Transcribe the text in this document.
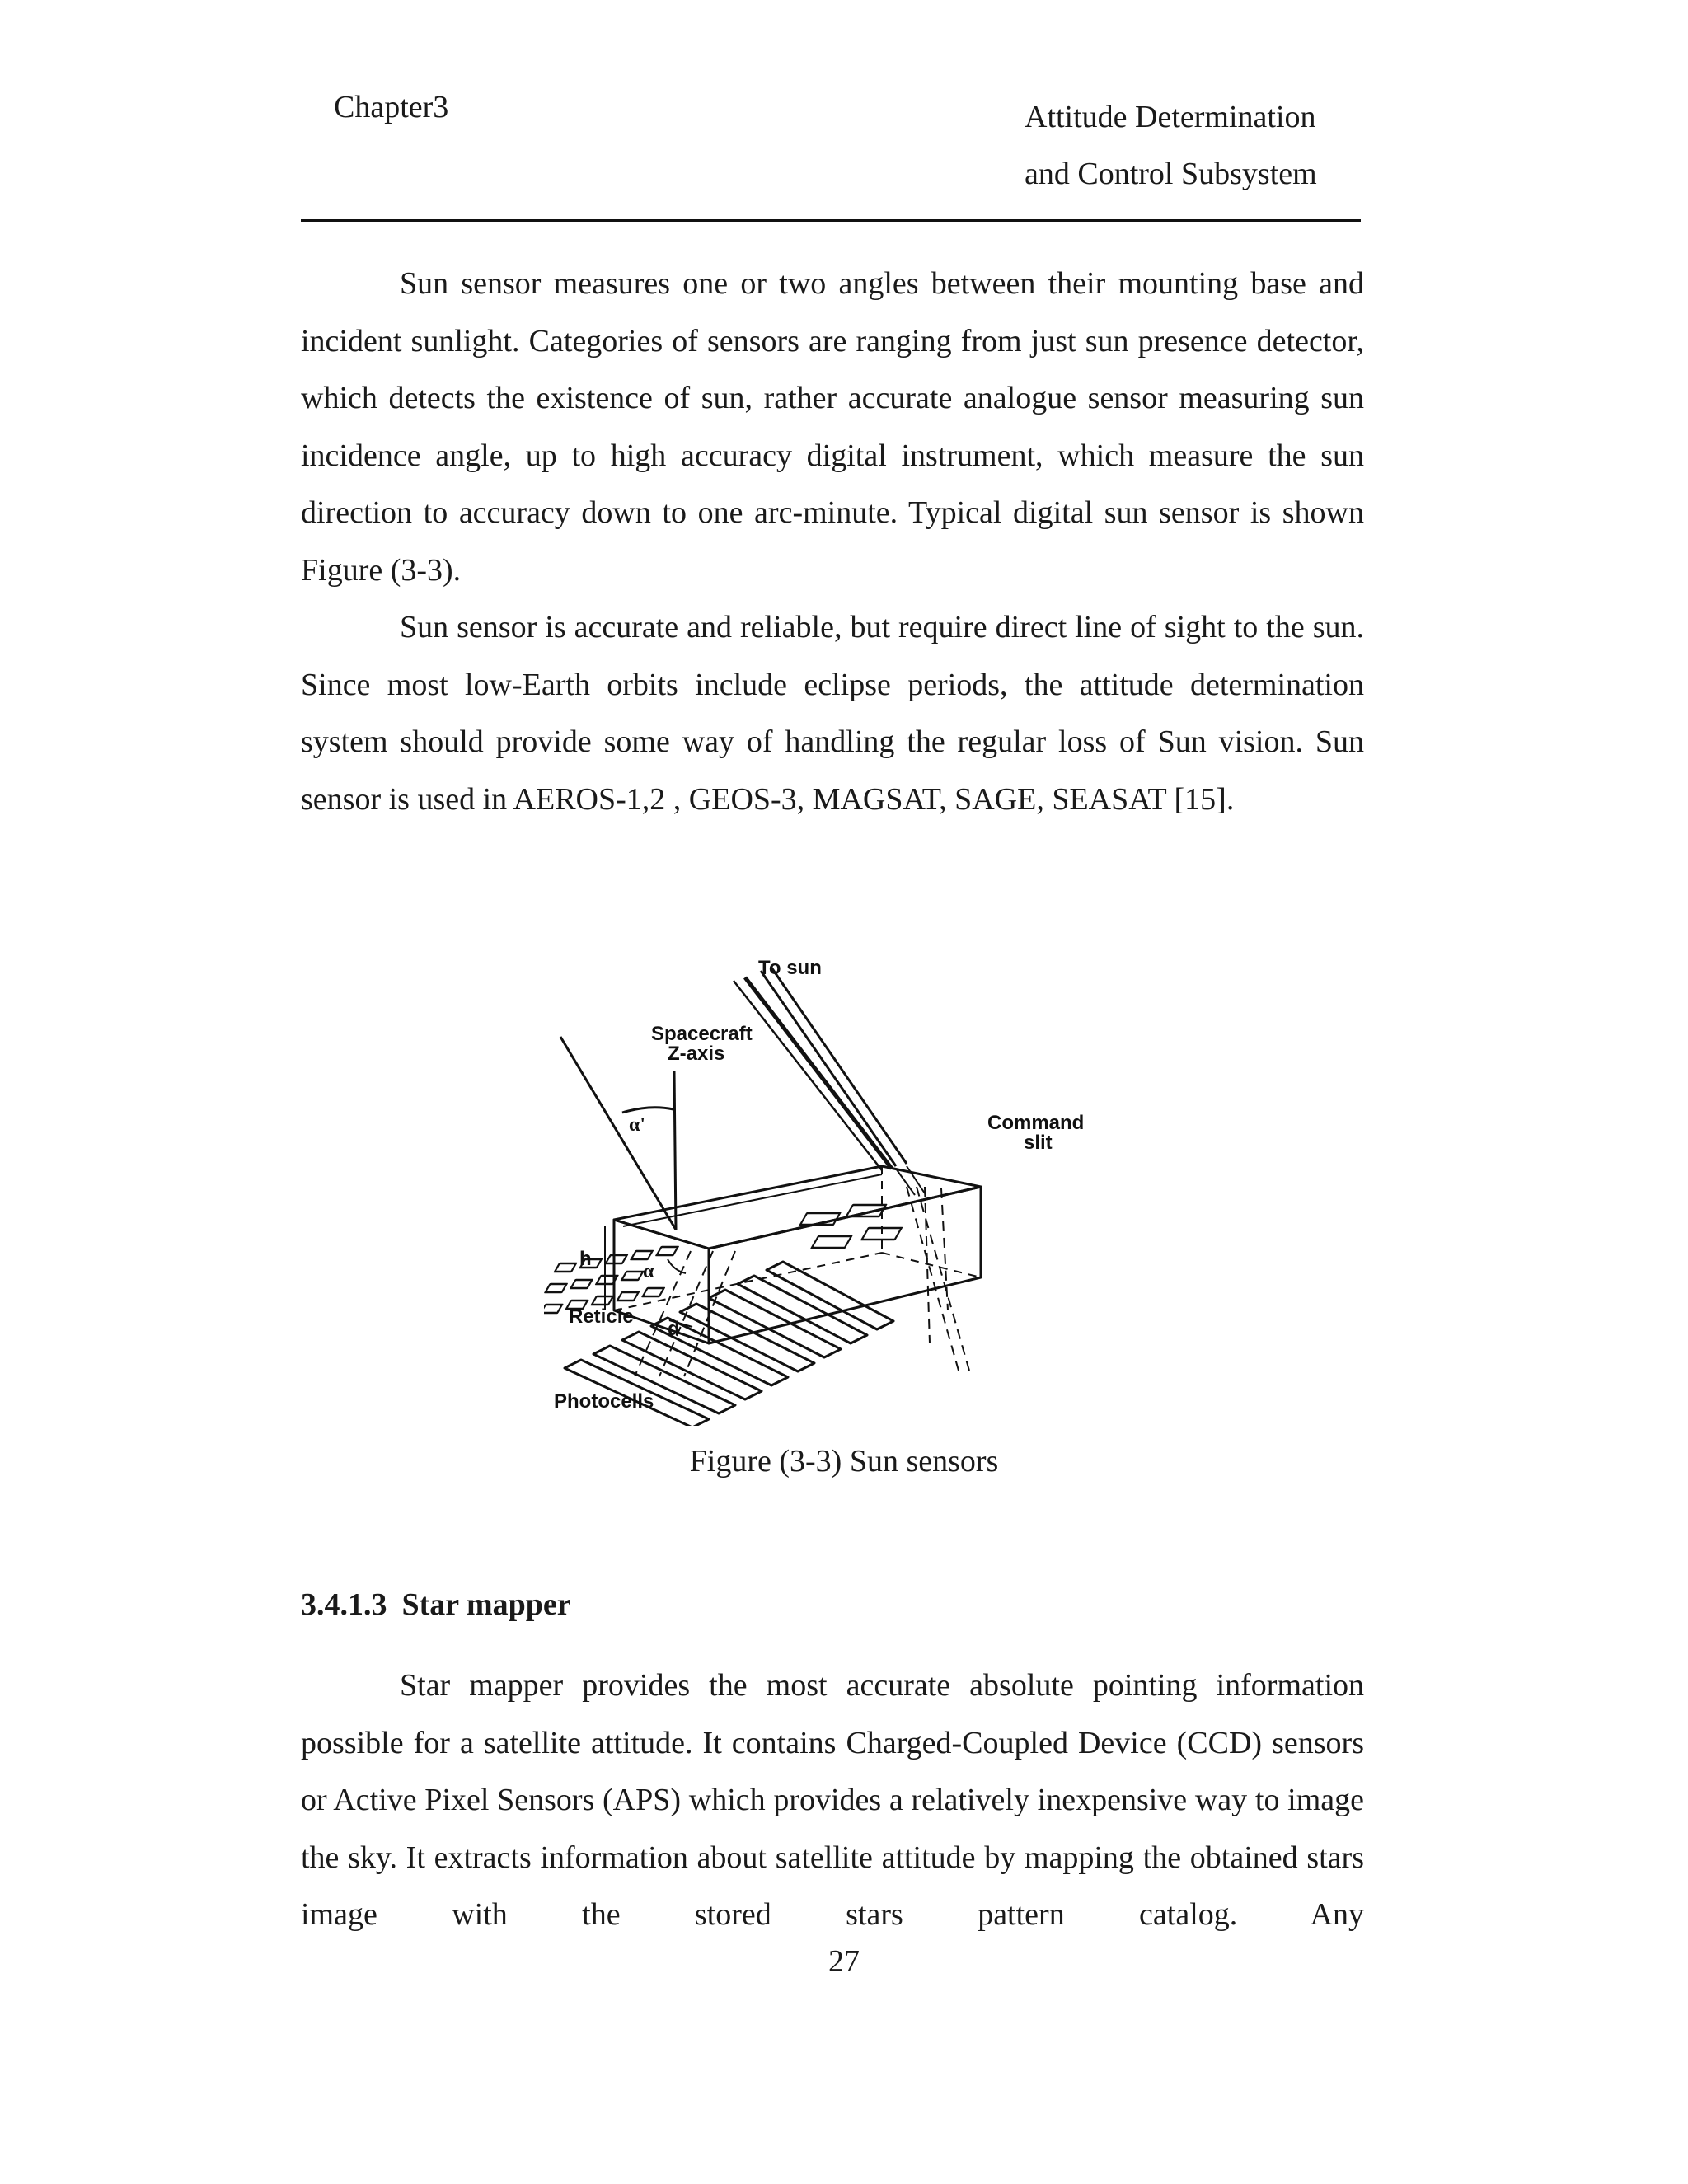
Chapter3	Attitude Determination
and Control Subsystem
Sun sensor measures one or two angles between their mounting base and incident sunlight. Categories of sensors are ranging from just sun presence detector, which detects the existence of sun, rather accurate analogue sensor measuring sun incidence angle, up to high accuracy digital instrument, which measure the sun direction to accuracy down to one arc-minute. Typical digital sun sensor is shown Figure (3-3).
Sun sensor is accurate and reliable, but require direct line of sight to the sun. Since most low-Earth orbits include eclipse periods, the attitude determination system should provide some way of handling the regular loss of Sun vision. Sun sensor is used in AEROS-1,2 , GEOS-3, MAGSAT, SAGE, SEASAT [15].
To sun
Spacecraft
Z-axis
α'	Command
slit
h
α
d
Reticle
Photocells
Figure (3-3) Sun sensors
3.4.1.3 Star mapper
Star mapper provides the most accurate absolute pointing information possible for a satellite attitude. It contains Charged-Coupled Device (CCD) sensors or Active Pixel Sensors (APS) which provides a relatively inexpensive way to image the sky. It extracts information about satellite attitude by mapping the obtained stars image with the stored stars pattern catalog. Any
27
